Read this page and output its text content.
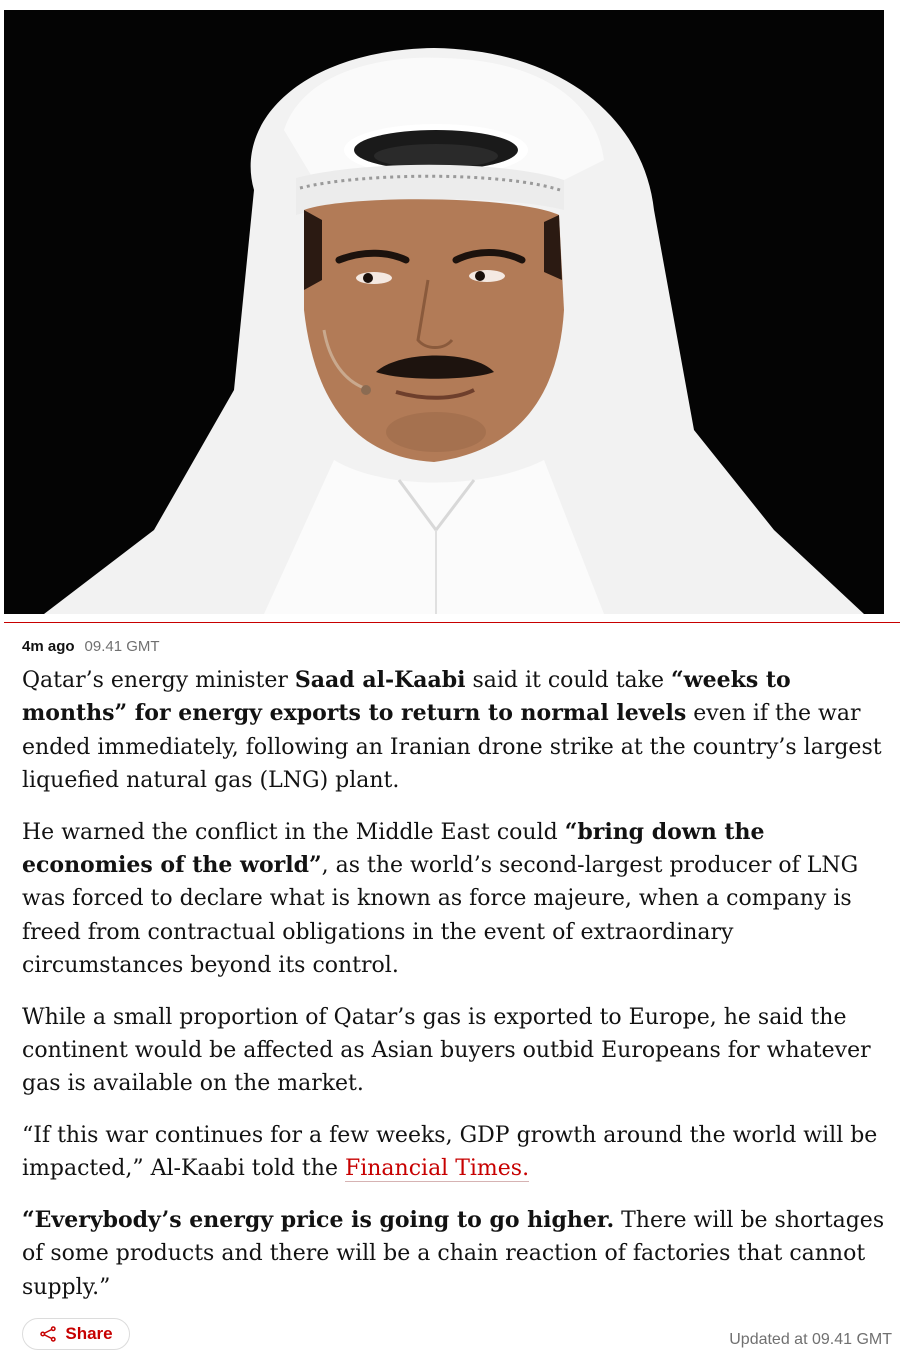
4m ago 09.41 GMT

Qatar’s energy minister Saad al-Kaabi said it could take “weeks to months” for energy exports to return to normal levels even if the war ended immediately, following an Iranian drone strike at the country’s largest liquefied natural gas (LNG) plant.

He warned the conflict in the Middle East could “bring down the economies of the world”, as the world’s second-largest producer of LNG was forced to declare what is known as force majeure, when a company is freed from contractual obligations in the event of extraordinary circumstances beyond its control.

While a small proportion of Qatar’s gas is exported to Europe, he said the continent would be affected as Asian buyers outbid Europeans for whatever gas is available on the market.

“If this war continues for a few weeks, GDP growth around the world will be impacted,” Al-Kaabi told the Financial Times.

“Everybody’s energy price is going to go higher. There will be shortages of some products and there will be a chain reaction of factories that cannot supply.”

Share	Updated at 09.41 GMT
